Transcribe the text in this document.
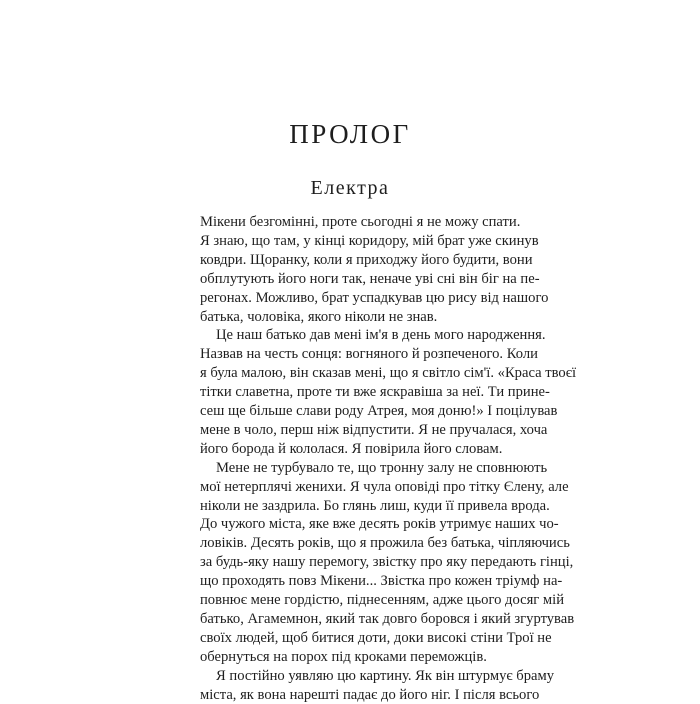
ПРОЛОГ
Електра

Мікени безгомінні, проте сьогодні я не можу спати.

Я знаю, що там, у кінці коридору, мій брат уже скинув

ковдри. Щоранку, коли я приходжу його будити, вони

обплутують його ноги так, неначе уві сні він біг на пе-

регонах. Можливо, брат успадкував цю рису від нашого

батька, чоловіка, якого ніколи не знав.

Це наш батько дав мені ім'я в день мого народження.

Назвав на честь сонця: вогняного й розпеченого. Коли

я була малою, він сказав мені, що я світло сім'ї. «Краса твоєї

тітки славетна, проте ти вже яскравіша за неї. Ти принe-

сеш ще більше слави роду Атрея, моя доню!» І поцілував

мене в чоло, перш ніж відпустити. Я не пручалася, хоча

його борода й кололася. Я повірила його словам.

Мене не турбувало те, що тронну залу не сповнюють

мої нетерплячі женихи. Я чула оповіді про тітку Єлену, але

ніколи не заздрила. Бо глянь лиш, куди її привела врода.

До чужого міста, яке вже десять років утримує наших чо-

ловіків. Десять років, що я прожила без батька, чіпляючись

за будь-яку нашу перемогу, звістку про яку передають гінці,

що проходять повз Мікени... Звістка про кожен тріумф на-

повнює мене гордістю, піднесенням, адже цього досяг мій

батько, Агамемнон, який так довго боровся і який згуртував

своїх людей, щоб битися доти, доки високі стіни Трої не

обернуться на порох під кроками переможців.

Я постійно уявляю цю картину. Як він штурмує браму

міста, як вона нарешті падає до його ніг. І після всього
